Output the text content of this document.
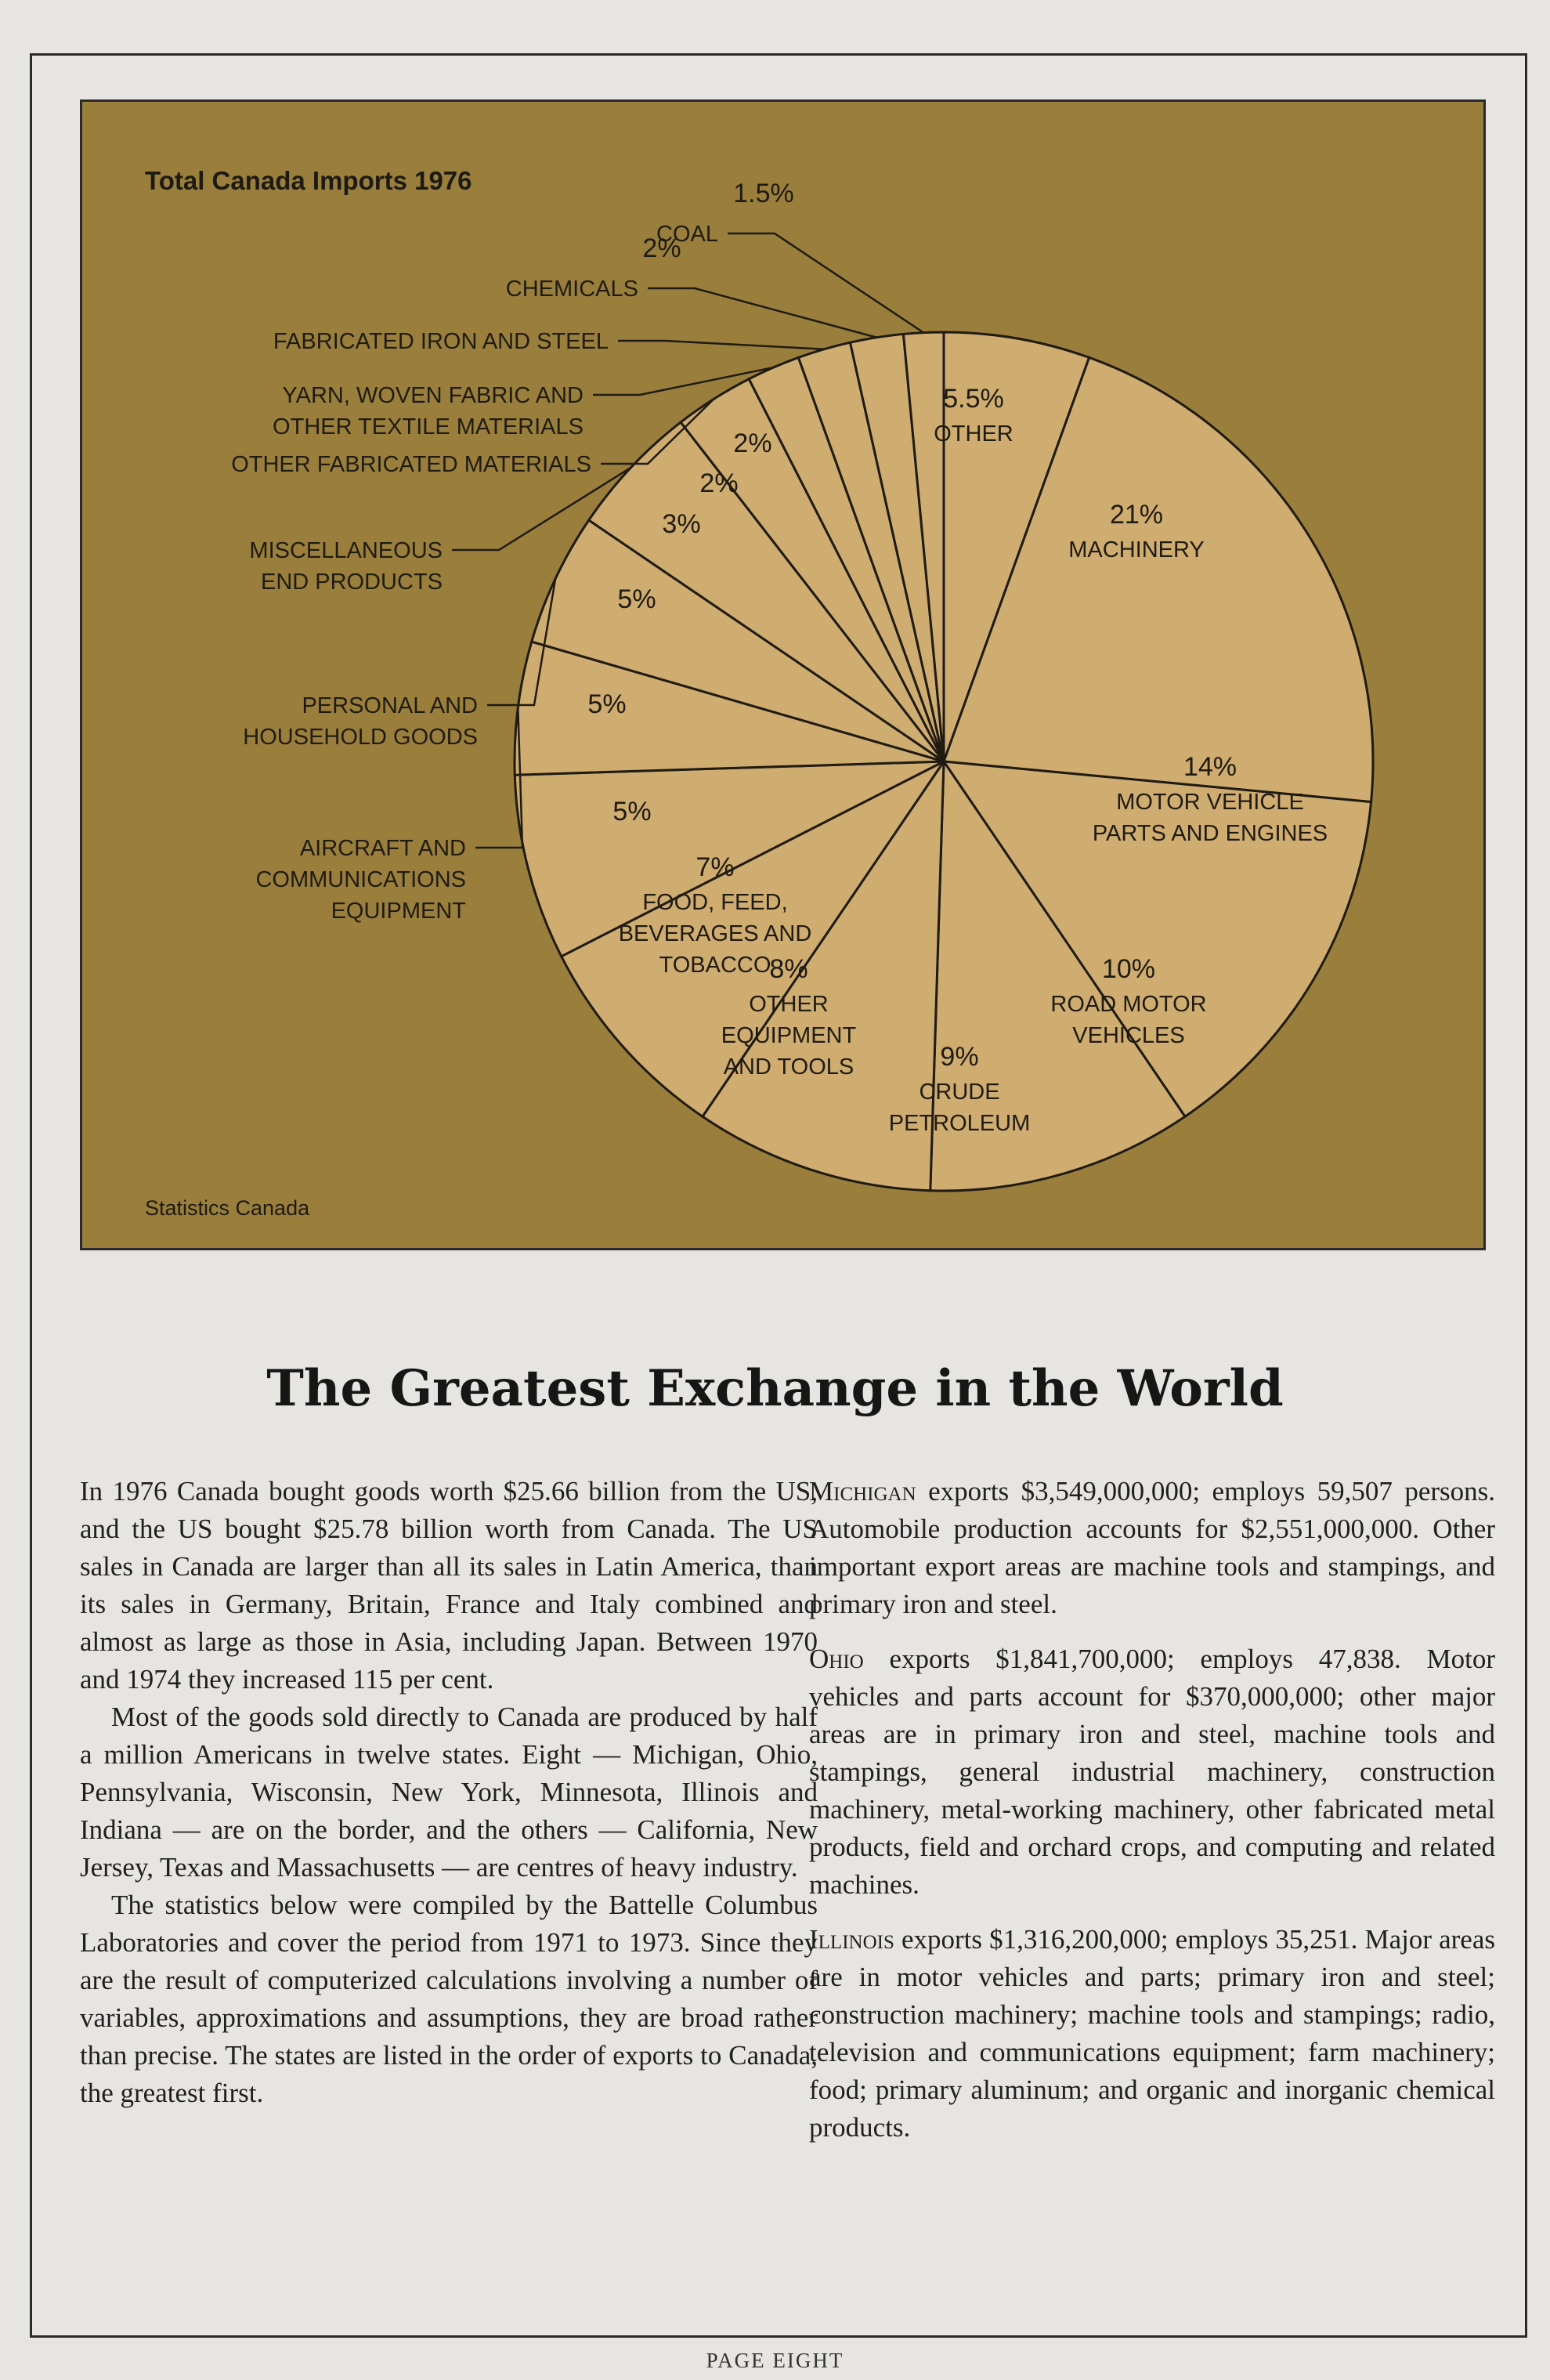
5.5%
OTHER
21%
MACHINERY
14%
MOTOR VEHICLE
PARTS AND ENGINES
10%
ROAD MOTOR
VEHICLES
9%
CRUDE
PETROLEUM
8%
OTHER
EQUIPMENT
AND TOOLS
7%
FOOD, FEED,
BEVERAGES AND
TOBACCO
5%
AIRCRAFT AND
COMMUNICATIONS
EQUIPMENT
5%
PERSONAL AND
HOUSEHOLD GOODS
5%
MISCELLANEOUS
END PRODUCTS
3%
OTHER FABRICATED MATERIALS
2%
YARN, WOVEN FABRIC AND
OTHER TEXTILE MATERIALS
2%
FABRICATED IRON AND STEEL
2%
CHEMICALS
1.5%
COAL
Total Canada Imports 1976
Statistics Canada
The Greatest Exchange in the World

In 1976 Canada bought goods worth $25.66 billion from the US, and the US bought $25.78 billion worth from Canada. The US sales in Canada are larger than all its sales in Latin America, than its sales in Germany, Britain, France and Italy combined and almost as large as those in Asia, including Japan. Between 1970 and 1974 they increased 115 per cent.

Most of the goods sold directly to Canada are produced by half a million Americans in twelve states. Eight — Michigan, Ohio, Pennsylvania, Wisconsin, New York, Minnesota, Illinois and Indiana — are on the border, and the others — California, New Jersey, Texas and Massachusetts — are centres of heavy industry.

The statistics below were compiled by the Battelle Columbus Laboratories and cover the period from 1971 to 1973. Since they are the result of computerized calculations involving a number of variables, approximations and assumptions, they are broad rather than precise. The states are listed in the order of exports to Canada, the greatest first.

Michigan exports $3,549,000,000; employs 59,507 persons. Automobile production accounts for $2,551,000,000. Other important export areas are machine tools and stampings, and primary iron and steel.

Ohio exports $1,841,700,000; employs 47,838. Motor vehicles and parts account for $370,000,000; other major areas are in primary iron and steel, machine tools and stampings, general industrial machinery, construction machinery, metal-working machinery, other fabricated metal products, field and orchard crops, and computing and related machines.

Illinois exports $1,316,200,000; employs 35,251. Major areas are in motor vehicles and parts; primary iron and steel; construction machinery; machine tools and stampings; radio, television and communications equipment; farm machinery; food; primary aluminum; and organic and inorganic chemical products.

PAGE EIGHT
